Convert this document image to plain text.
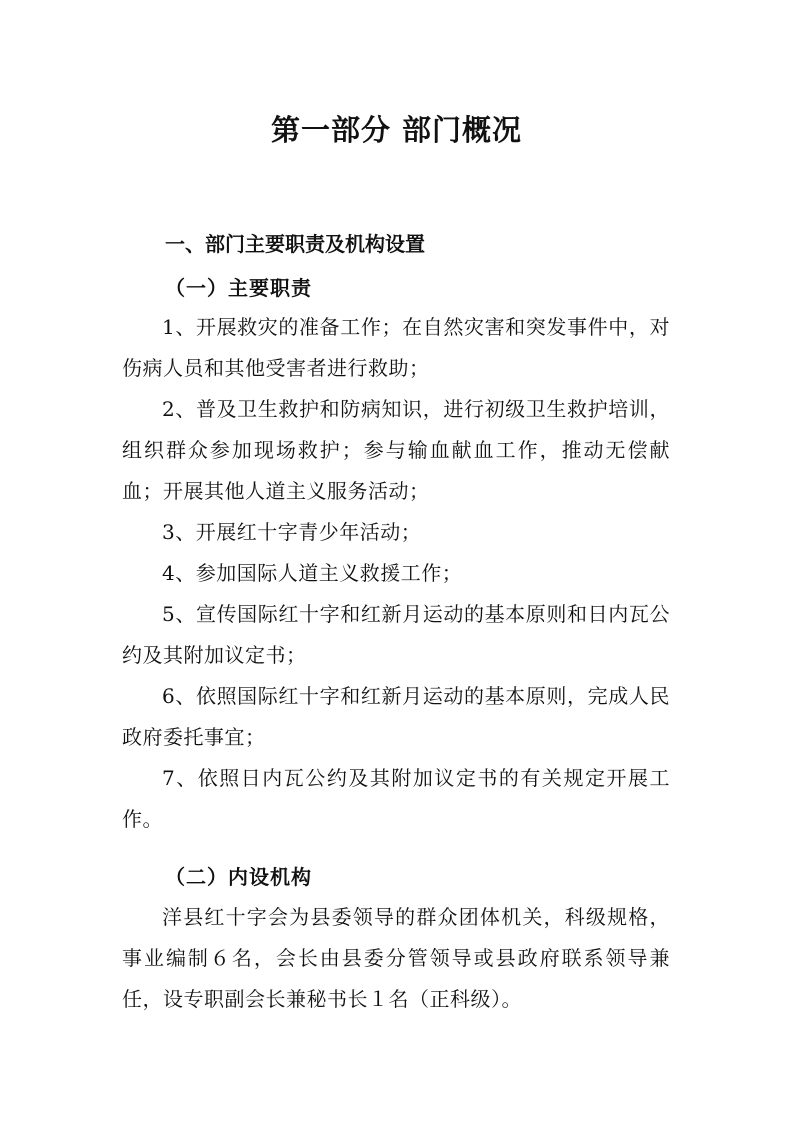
第一部分 部门概况
一、部门主要职责及机构设置
（一）主要职责

1、开展救灾的准备工作；在自然灾害和突发事件中，对伤病人员和其他受害者进行救助；

2、普及卫生救护和防病知识，进行初级卫生救护培训，组织群众参加现场救护；参与输血献血工作，推动无偿献血；开展其他人道主义服务活动；

3、开展红十字青少年活动；

4、参加国际人道主义救援工作；

5、宣传国际红十字和红新月运动的基本原则和日内瓦公约及其附加议定书；

6、依照国际红十字和红新月运动的基本原则，完成人民政府委托事宜；

7、依照日内瓦公约及其附加议定书的有关规定开展工作。

（二）内设机构

洋县红十字会为县委领导的群众团体机关，科级规格，事业编制６名，会长由县委分管领导或县政府联系领导兼任，设专职副会长兼秘书长１名（正科级）。
